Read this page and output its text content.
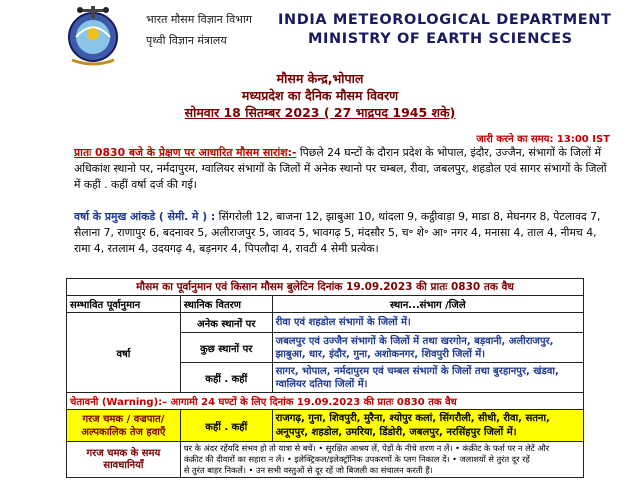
भारत मौसम विज्ञान विभाग
पृथ्वी विज्ञान मंत्रालय
INDIA METEOROLOGICAL DEPARTMENT
MINISTRY OF EARTH SCIENCES
मौसम केन्द्र,भोपाल
मध्यप्रदेश का दैनिक मौसम विवरण
सोमवार 18 सितम्बर 2023 ( 27 भाद्रपद 1945 शके)
जारी करने का समय: 13:00 IST

प्रातः 0830 बजे के प्रेक्षण पर आधारित मौसम सारांश:- पिछले 24 घन्टों के दौरान प्रदेश के भोपाल, इंदौर, उज्जैन, संभागों के जिलों में अधिकांश स्थानो पर, नर्मदापुरम, ग्वालियर संभागों के जिलों में अनेक स्थानो पर चम्बल, रीवा, जबलपुर, शहडोल एवं सागर संभागों के जिलों में कहीं . कहीं वर्षा दर्ज की गई।

वर्षा के प्रमुख आंकडे ( सेमी. मे ) : सिंगरोली 12, बाजना 12, झाबुआ 10, थांदला 9, कट्ठीवाड़ा 9, माडा 8, मेघनगर 8, पेटलावद 7, सैलाना 7, राणापुर 6, बदनावर 5, अलीराजपुर 5, जावद 5, भावगढ़ 5, मंदसौर 5, च॰ शे॰ आ॰ नगर 4, मनासा 4, ताल 4, नीमच 4, रामा 4, रतलाम 4, उदयगढ़ 4, बड़नगर 4, पिपलौदा 4, रावटी 4 सेमी प्रत्येक।

मौसम का पूर्वानुमान एवं किसान मौसम बुलेटिन दिनांक 19.09.2023 की प्रातः 0830 तक वैध		
सम्भावित पूर्वानुमान	स्थानिक वितरण	स्थान...संभाग /जिले
वर्षा	अनेक स्थानों पर	रीवा एवं शहडोल संभागों के जिलों में।
	कुछ स्थानों पर	जबलपुर एवं उज्जैन संभागों के जिलों में तथा खरगोन, बड़वानी, अलीराजपुर, झाबुआ, धार, इंदौर, गुना, अशोकनगर, शिवपुरी जिलों में।
	कहीं . कहीं	सागर, भोपाल, नर्मदापुरम एवं चम्बल संभागों के जिलों तथा बुरहानपुर, खंडवा, ग्वालियर दतिया जिलों में।
चेतावनी (Warning):– आगामी 24 घण्टों के लिए दिनांक 19.09.2023 की प्रातः 0830 तक वैध		
गरज चमक / वज्रपात/ अल्पकालिक तेज हवाएँ	कहीं . कहीं	राजगढ़, गुना, शिवपुरी, मुरैना, श्योपुर कलां, सिंगरौली, सीधी, रीवा, सतना, अनूपपुर, शहडोल, उमरिया, डिंडोरी, जबलपुर, नरसिंहपुर जिलों में।
गरज चमक के समय सावधानियाँ	घर के अंदर रहेंयदि संभव हो तो यात्रा से बचें। • सुरक्षित आश्रय लें, पेड़ों के नीचे शरण न लें। • कंक्रीट के फर्श पर न लेटें और
कंक्रीट की दीवारों का सहारा न लें। • इलेक्ट्रिकल/इलेक्ट्रॉनिक उपकरणों के प्लग निकाल दें। • जलाशयों से तुरंत दूर रहें
से तुरंत बाहर निकलें। • उन सभी वस्तुओं से दूर रहें जो बिजली का संचालन करती हैं।	
